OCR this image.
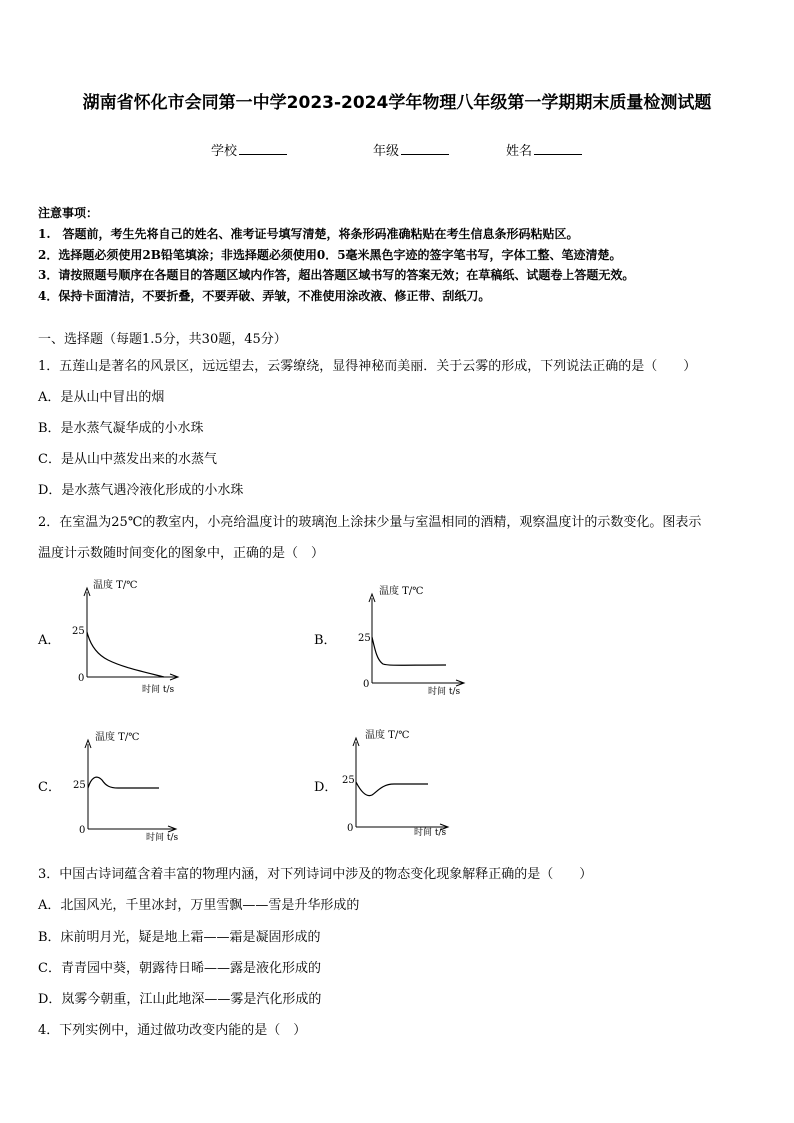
湖南省怀化市会同第一中学2023-2024学年物理八年级第一学期期末质量检测试题
学校	年级	姓名
注意事项：
1.　答题前，考生先将自己的姓名、准考证号填写清楚，将条形码准确粘贴在考生信息条形码粘贴区。
2．选择题必须使用2B铅笔填涂；非选择题必须使用0．5毫米黑色字迹的签字笔书写，字体工整、笔迹清楚。
3．请按照题号顺序在各题目的答题区域内作答，超出答题区域书写的答案无效；在草稿纸、试题卷上答题无效。
4．保持卡面清洁，不要折叠，不要弄破、弄皱，不准使用涂改液、修正带、刮纸刀。
一、选择题（每题1.5分，共30题，45分）
1．五莲山是著名的风景区，远远望去，云雾缭绕，显得神秘而美丽．关于云雾的形成，下列说法正确的是（　　）
A．是从山中冒出的烟
B．是水蒸气凝华成的小水珠
C．是从山中蒸发出来的水蒸气
D．是水蒸气遇冷液化形成的小水珠
2．在室温为25℃的教室内，小亮给温度计的玻璃泡上涂抹少量与室温相同的酒精，观察温度计的示数变化。图表示
温度计示数随时间变化的图象中，正确的是（　）
A．
温度 T/℃
25
0
时间 t/s
B．
温度 T/℃
25
0
时间 t/s
C．
温度 T/℃
25
0
时间 t/s
D．
温度 T/℃
25
0	时间 t/s
3．中国古诗词蕴含着丰富的物理内涵，对下列诗词中涉及的物态变化现象解释正确的是（　　）
A．北国风光，千里冰封，万里雪飘——雪是升华形成的
B．床前明月光，疑是地上霜——霜是凝固形成的
C．青青园中葵，朝露待日晞——露是液化形成的
D．岚雾今朝重，江山此地深——雾是汽化形成的
4．下列实例中，通过做功改变内能的是（　）
